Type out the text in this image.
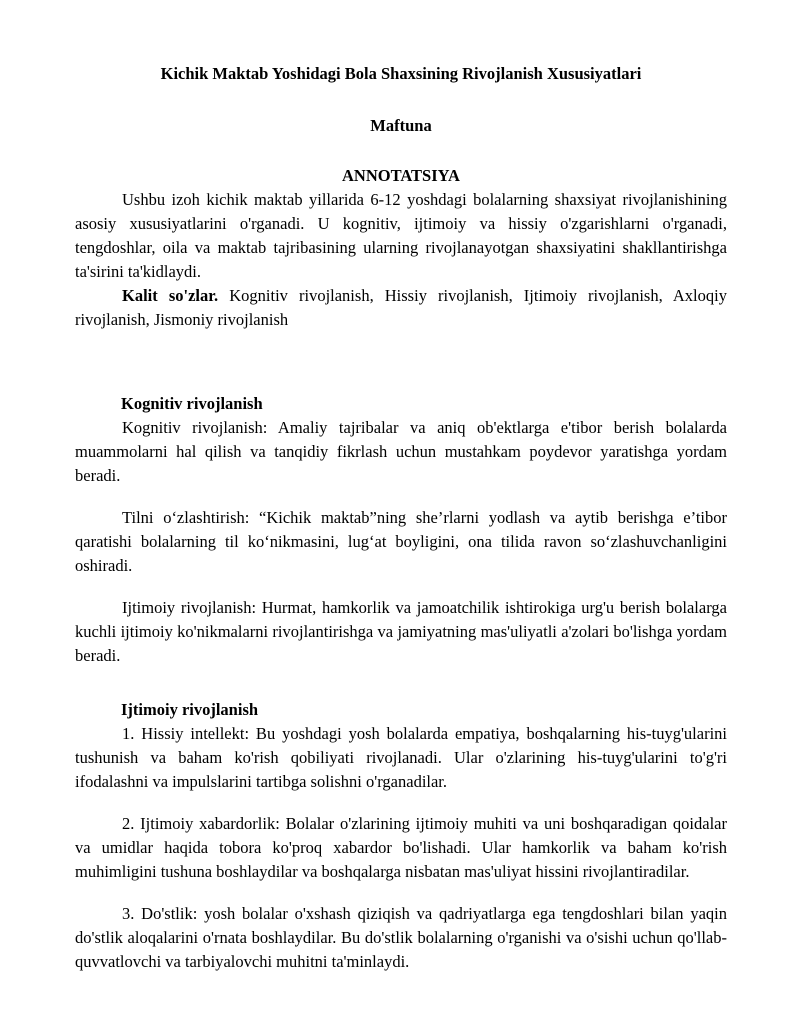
Kichik Maktab Yoshidagi Bola Shaxsining Rivojlanish Xususiyatlari
Maftuna
ANNOTATSIYA

Ushbu izoh kichik maktab yillarida 6-12 yoshdagi bolalarning shaxsiyat rivojlanishining asosiy xususiyatlarini o'rganadi. U kognitiv, ijtimoiy va hissiy o'zgarishlarni o'rganadi, tengdoshlar, oila va maktab tajribasining ularning rivojlanayotgan shaxsiyatini shakllantirishga ta'sirini ta'kidlaydi.

Kalit so'zlar. Kognitiv rivojlanish, Hissiy rivojlanish, Ijtimoiy rivojlanish, Axloqiy rivojlanish, Jismoniy rivojlanish

Kognitiv rivojlanish

Kognitiv rivojlanish: Amaliy tajribalar va aniq ob'ektlarga e'tibor berish bolalarda muammolarni hal qilish va tanqidiy fikrlash uchun mustahkam poydevor yaratishga yordam beradi.

Tilni o‘zlashtirish: “Kichik maktab”ning she’rlarni yodlash va aytib berishga e’tibor qaratishi bolalarning til ko‘nikmasini, lug‘at boyligini, ona tilida ravon so‘zlashuvchanligini oshiradi.

Ijtimoiy rivojlanish: Hurmat, hamkorlik va jamoatchilik ishtirokiga urg'u berish bolalarga kuchli ijtimoiy ko'nikmalarni rivojlantirishga va jamiyatning mas'uliyatli a'zolari bo'lishga yordam beradi.

Ijtimoiy rivojlanish

1. Hissiy intellekt: Bu yoshdagi yosh bolalarda empatiya, boshqalarning his-tuyg'ularini tushunish va baham ko'rish qobiliyati rivojlanadi. Ular o'zlarining his-tuyg'ularini to'g'ri ifodalashni va impulslarini tartibga solishni o'rganadilar.

2. Ijtimoiy xabardorlik: Bolalar o'zlarining ijtimoiy muhiti va uni boshqaradigan qoidalar va umidlar haqida tobora ko'proq xabardor bo'lishadi. Ular hamkorlik va baham ko'rish muhimligini tushuna boshlaydilar va boshqalarga nisbatan mas'uliyat hissini rivojlantiradilar.

3. Do'stlik: yosh bolalar o'xshash qiziqish va qadriyatlarga ega tengdoshlari bilan yaqin do'stlik aloqalarini o'rnata boshlaydilar. Bu do'stlik bolalarning o'rganishi va o'sishi uchun qo'llab-quvvatlovchi va tarbiyalovchi muhitni ta'minlaydi.
